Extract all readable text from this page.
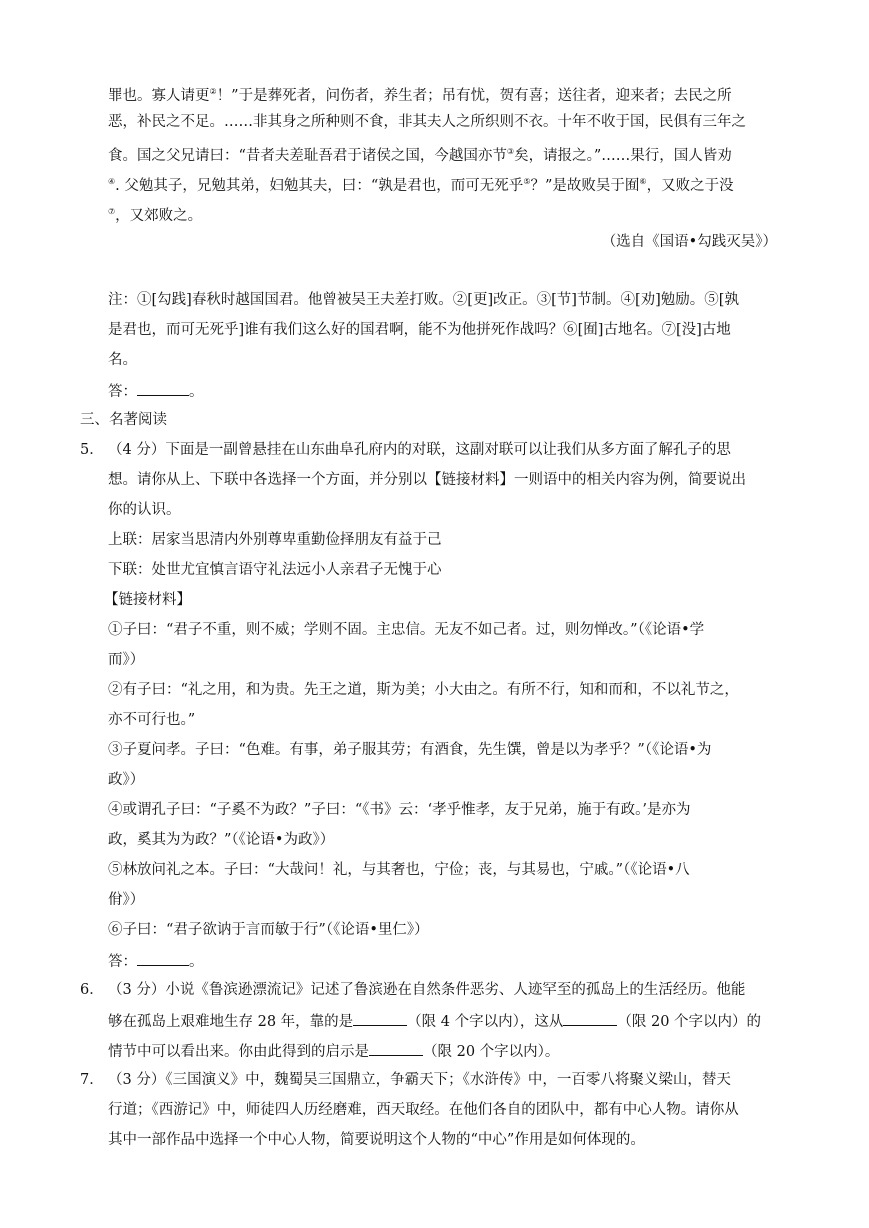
罪也。寡人请更②！”于是葬死者，问伤者，养生者；吊有忧，贺有喜；送往者，迎来者；去民之所
恶，补民之不足。……非其身之所种则不食，非其夫人之所织则不衣。十年不收于国，民俱有三年之
食。国之父兄请曰：“昔者夫差耻吾君于诸侯之国，今越国亦节③矣，请报之。”……果行，国人皆劝
④. 父勉其子，兄勉其弟，妇勉其夫，曰：“孰是君也，而可无死乎⑤？”是故败吴于囿⑥，又败之于没
⑦，又郊败之。
（选自《国语•勾践灭吴》）
注：①[勾践]春秋时越国国君。他曾被吴王夫差打败。②[更]改正。③[节]节制。④[劝]勉励。⑤[孰
是君也，而可无死乎]谁有我们这么好的国君啊，能不为他拼死作战吗？⑥[囿]古地名。⑦[没]古地
名。
答：	。
三、名著阅读
5． （4 分）下面是一副曾悬挂在山东曲阜孔府内的对联，这副对联可以让我们从多方面了解孔子的思
想。请你从上、下联中各选择一个方面，并分别以【链接材料】一则语中的相关内容为例，简要说出
你的认识。
上联：居家当思清内外别尊卑重勤俭择朋友有益于己
下联：处世尤宜慎言语守礼法远小人亲君子无愧于心
【链接材料】
①子曰：“君子不重，则不威；学则不固。主忠信。无友不如己者。过，则勿惮改。”（《论语•学
而》）
②有子曰：“礼之用，和为贵。先王之道，斯为美；小大由之。有所不行，知和而和，不以礼节之，
亦不可行也。”
③子夏问孝。子曰：“色难。有事，弟子服其劳；有酒食，先生馔，曾是以为孝乎？”（《论语•为
政》）
④或谓孔子曰：“子奚不为政？”子曰：“《书》云：‘孝乎惟孝，友于兄弟，施于有政。’是亦为
政，奚其为为政？”（《论语•为政》）
⑤林放问礼之本。子曰：“大哉问！礼，与其奢也，宁俭；丧，与其易也，宁戚。”（《论语•八
佾》）
⑥子曰：“君子欲讷于言而敏于行”（《论语•里仁》）
答：	。
6． （3 分）小说《鲁滨逊漂流记》记述了鲁滨逊在自然条件恶劣、人迹罕至的孤岛上的生活经历。他能
够在孤岛上艰难地生存 28 年，靠的是	（限 4 个字以内），这从	（限 20 个字以内）的
情节中可以看出来。你由此得到的启示是	（限 20 个字以内）。
7． （3 分）《三国演义》中，魏蜀吴三国鼎立，争霸天下；《水浒传》中，一百零八将聚义梁山，替天
行道；《西游记》中，师徒四人历经磨难，西天取经。在他们各自的团队中，都有中心人物。请你从
其中一部作品中选择一个中心人物，简要说明这个人物的“中心”作用是如何体现的。
